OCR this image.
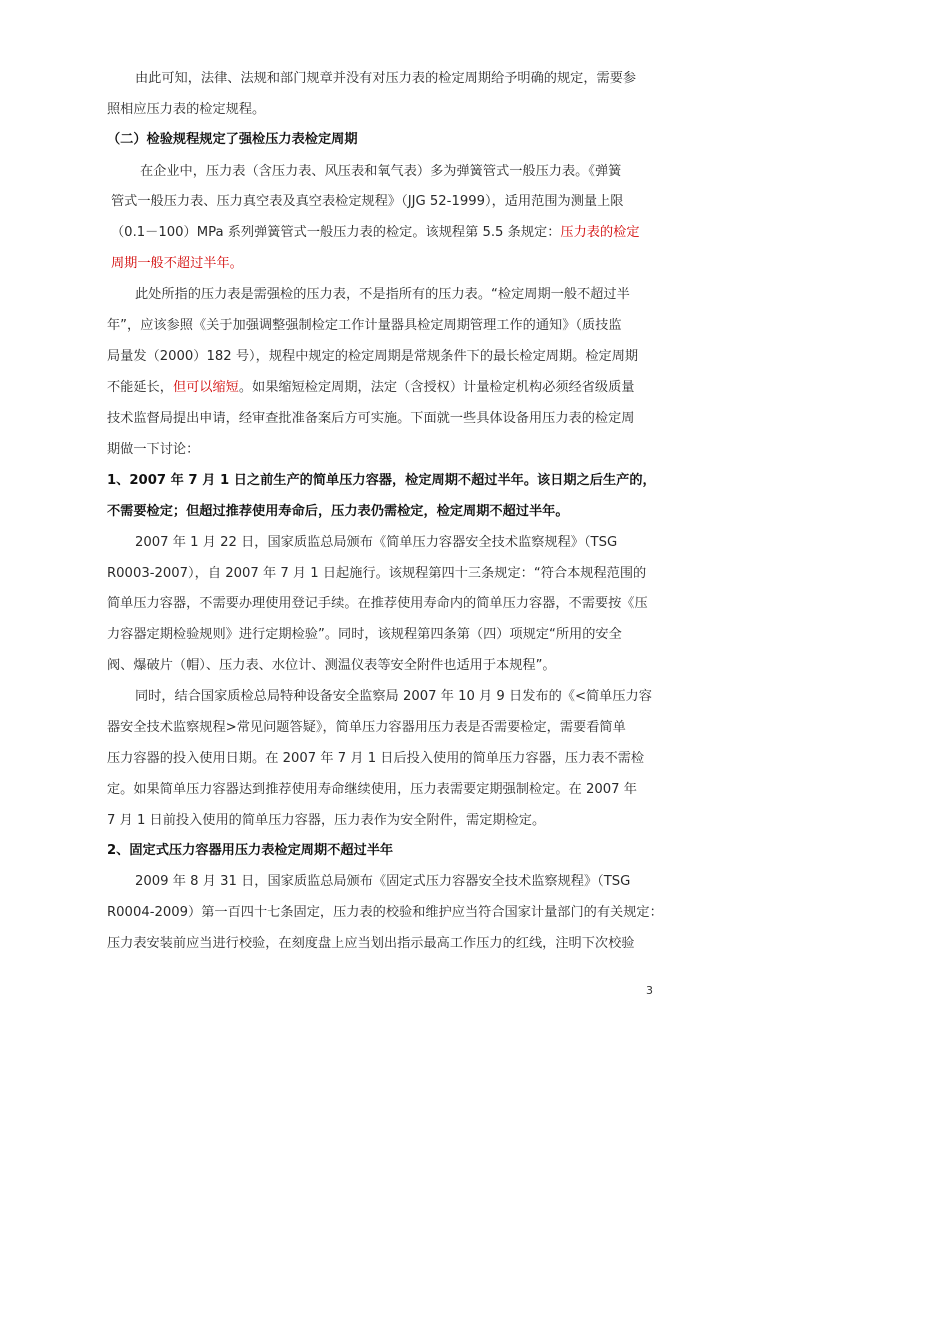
由此可知，法律、法规和部门规章并没有对压力表的检定周期给予明确的规定，需要参
照相应压力表的检定规程。
（二）检验规程规定了强检压力表检定周期
在企业中，压力表（含压力表、风压表和氧气表）多为弹簧管式一般压力表。《弹簧
管式一般压力表、压力真空表及真空表检定规程》（JJG 52-1999），适用范围为测量上限
（0.1－100）MPa 系列弹簧管式一般压力表的检定。该规程第 5.5 条规定：压力表的检定
周期一般不超过半年。
此处所指的压力表是需强检的压力表，不是指所有的压力表。“检定周期一般不超过半
年”，应该参照《关于加强调整强制检定工作计量器具检定周期管理工作的通知》（质技监
局量发（2000）182 号），规程中规定的检定周期是常规条件下的最长检定周期。检定周期
不能延长，但可以缩短。如果缩短检定周期，法定（含授权）计量检定机构必须经省级质量
技术监督局提出申请，经审查批准备案后方可实施。下面就一些具体设备用压力表的检定周
期做一下讨论：
1、2007 年 7 月 1 日之前生产的简单压力容器，检定周期不超过半年。该日期之后生产的，
不需要检定；但超过推荐使用寿命后，压力表仍需检定，检定周期不超过半年。
2007 年 1 月 22 日，国家质监总局颁布《简单压力容器安全技术监察规程》（TSG
R0003-2007），自 2007 年 7 月 1 日起施行。该规程第四十三条规定：“符合本规程范围的
简单压力容器，不需要办理使用登记手续。在推荐使用寿命内的简单压力容器，不需要按《压
力容器定期检验规则》进行定期检验”。同时，该规程第四条第（四）项规定“所用的安全
阀、爆破片（帽）、压力表、水位计、测温仪表等安全附件也适用于本规程”。
同时，结合国家质检总局特种设备安全监察局 2007 年 10 月 9 日发布的《<简单压力容
器安全技术监察规程>常见问题答疑》，简单压力容器用压力表是否需要检定，需要看简单
压力容器的投入使用日期。在 2007 年 7 月 1 日后投入使用的简单压力容器，压力表不需检
定。如果简单压力容器达到推荐使用寿命继续使用，压力表需要定期强制检定。在 2007 年
7 月 1 日前投入使用的简单压力容器，压力表作为安全附件，需定期检定。
2、固定式压力容器用压力表检定周期不超过半年
2009 年 8 月 31 日，国家质监总局颁布《固定式压力容器安全技术监察规程》（TSG
R0004-2009）第一百四十七条固定，压力表的校验和维护应当符合国家计量部门的有关规定：
压力表安装前应当进行校验，在刻度盘上应当划出指示最高工作压力的红线，注明下次校验
3
